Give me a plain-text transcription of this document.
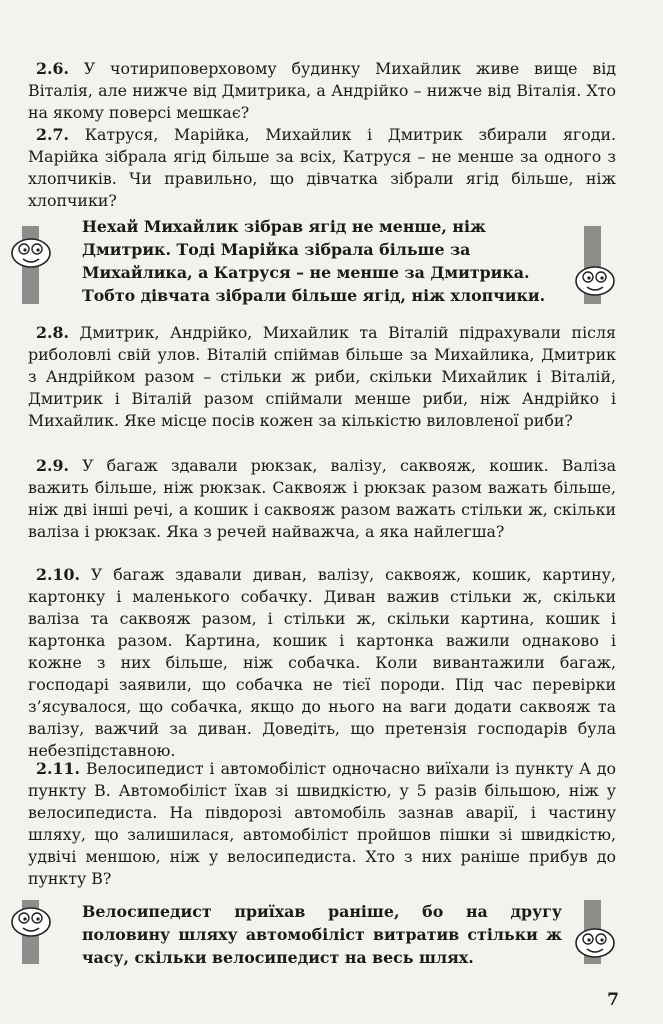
2.6. У чотириповерховому будинку Михайлик живе вище від Віталія, але нижче від Дмитрика, а Андрійко – нижче від Віталія. Хто на якому поверсі мешкає?

2.7. Катруся, Марійка, Михайлик і Дмитрик збирали ягоди. Марійка зібрала ягід більше за всіх, Катруся – не менше за одного з хлопчиків. Чи правильно, що дівчатка зібрали ягід більше, ніж хлопчики?

Нехай Михайлик зібрав ягід не менше, ніж Дмитрик. Тоді Марійка зібрала більше за Михайлика, а Катруся – не менше за Дмитрика. Тобто дівчата зібрали більше ягід, ніж хлопчики.

2.8. Дмитрик, Андрійко, Михайлик та Віталій підрахували після риболовлі свій улов. Віталій спіймав більше за Михайлика, Дмитрик з Андрійком разом – стільки ж риби, скільки Михайлик і Віталій, Дмитрик і Віталій разом спіймали менше риби, ніж Андрійко і Михайлик. Яке місце посів кожен за кількістю виловленої риби?

2.9. У багаж здавали рюкзак, валізу, саквояж, кошик. Валіза важить більше, ніж рюкзак. Саквояж і рюкзак разом важать більше, ніж дві інші речі, а кошик і саквояж разом важать стільки ж, скільки валіза і рюкзак. Яка з речей найважча, а яка найлегша?

2.10. У багаж здавали диван, валізу, саквояж, кошик, картину, картонку і маленького собачку. Диван важив стільки ж, скільки валіза та саквояж разом, і стільки ж, скільки картина, кошик і картонка разом. Картина, кошик і картонка важили однаково і кожне з них більше, ніж собачка. Коли вивантажили багаж, господарі заявили, що собачка не тієї породи. Під час перевірки з’ясувалося, що собачка, якщо до нього на ваги додати саквояж та валізу, важчий за диван. Доведіть, що претензія господарів була небезпідставною.

2.11. Велосипедист і автомобіліст одночасно виїхали із пункту A до пункту B. Автомобіліст їхав зі швидкістю, у 5 разів більшою, ніж у велосипедиста. На півдорозі автомобіль зазнав аварії, і частину шляху, що залишилася, автомобіліст пройшов пішки зі швидкістю, удвічі меншою, ніж у велосипедиста. Хто з них раніше прибув до пункту B?

Велосипедист приїхав раніше, бо на другу половину шляху автомобіліст витратив стільки ж часу, скільки велосипедист на весь шлях.
7
